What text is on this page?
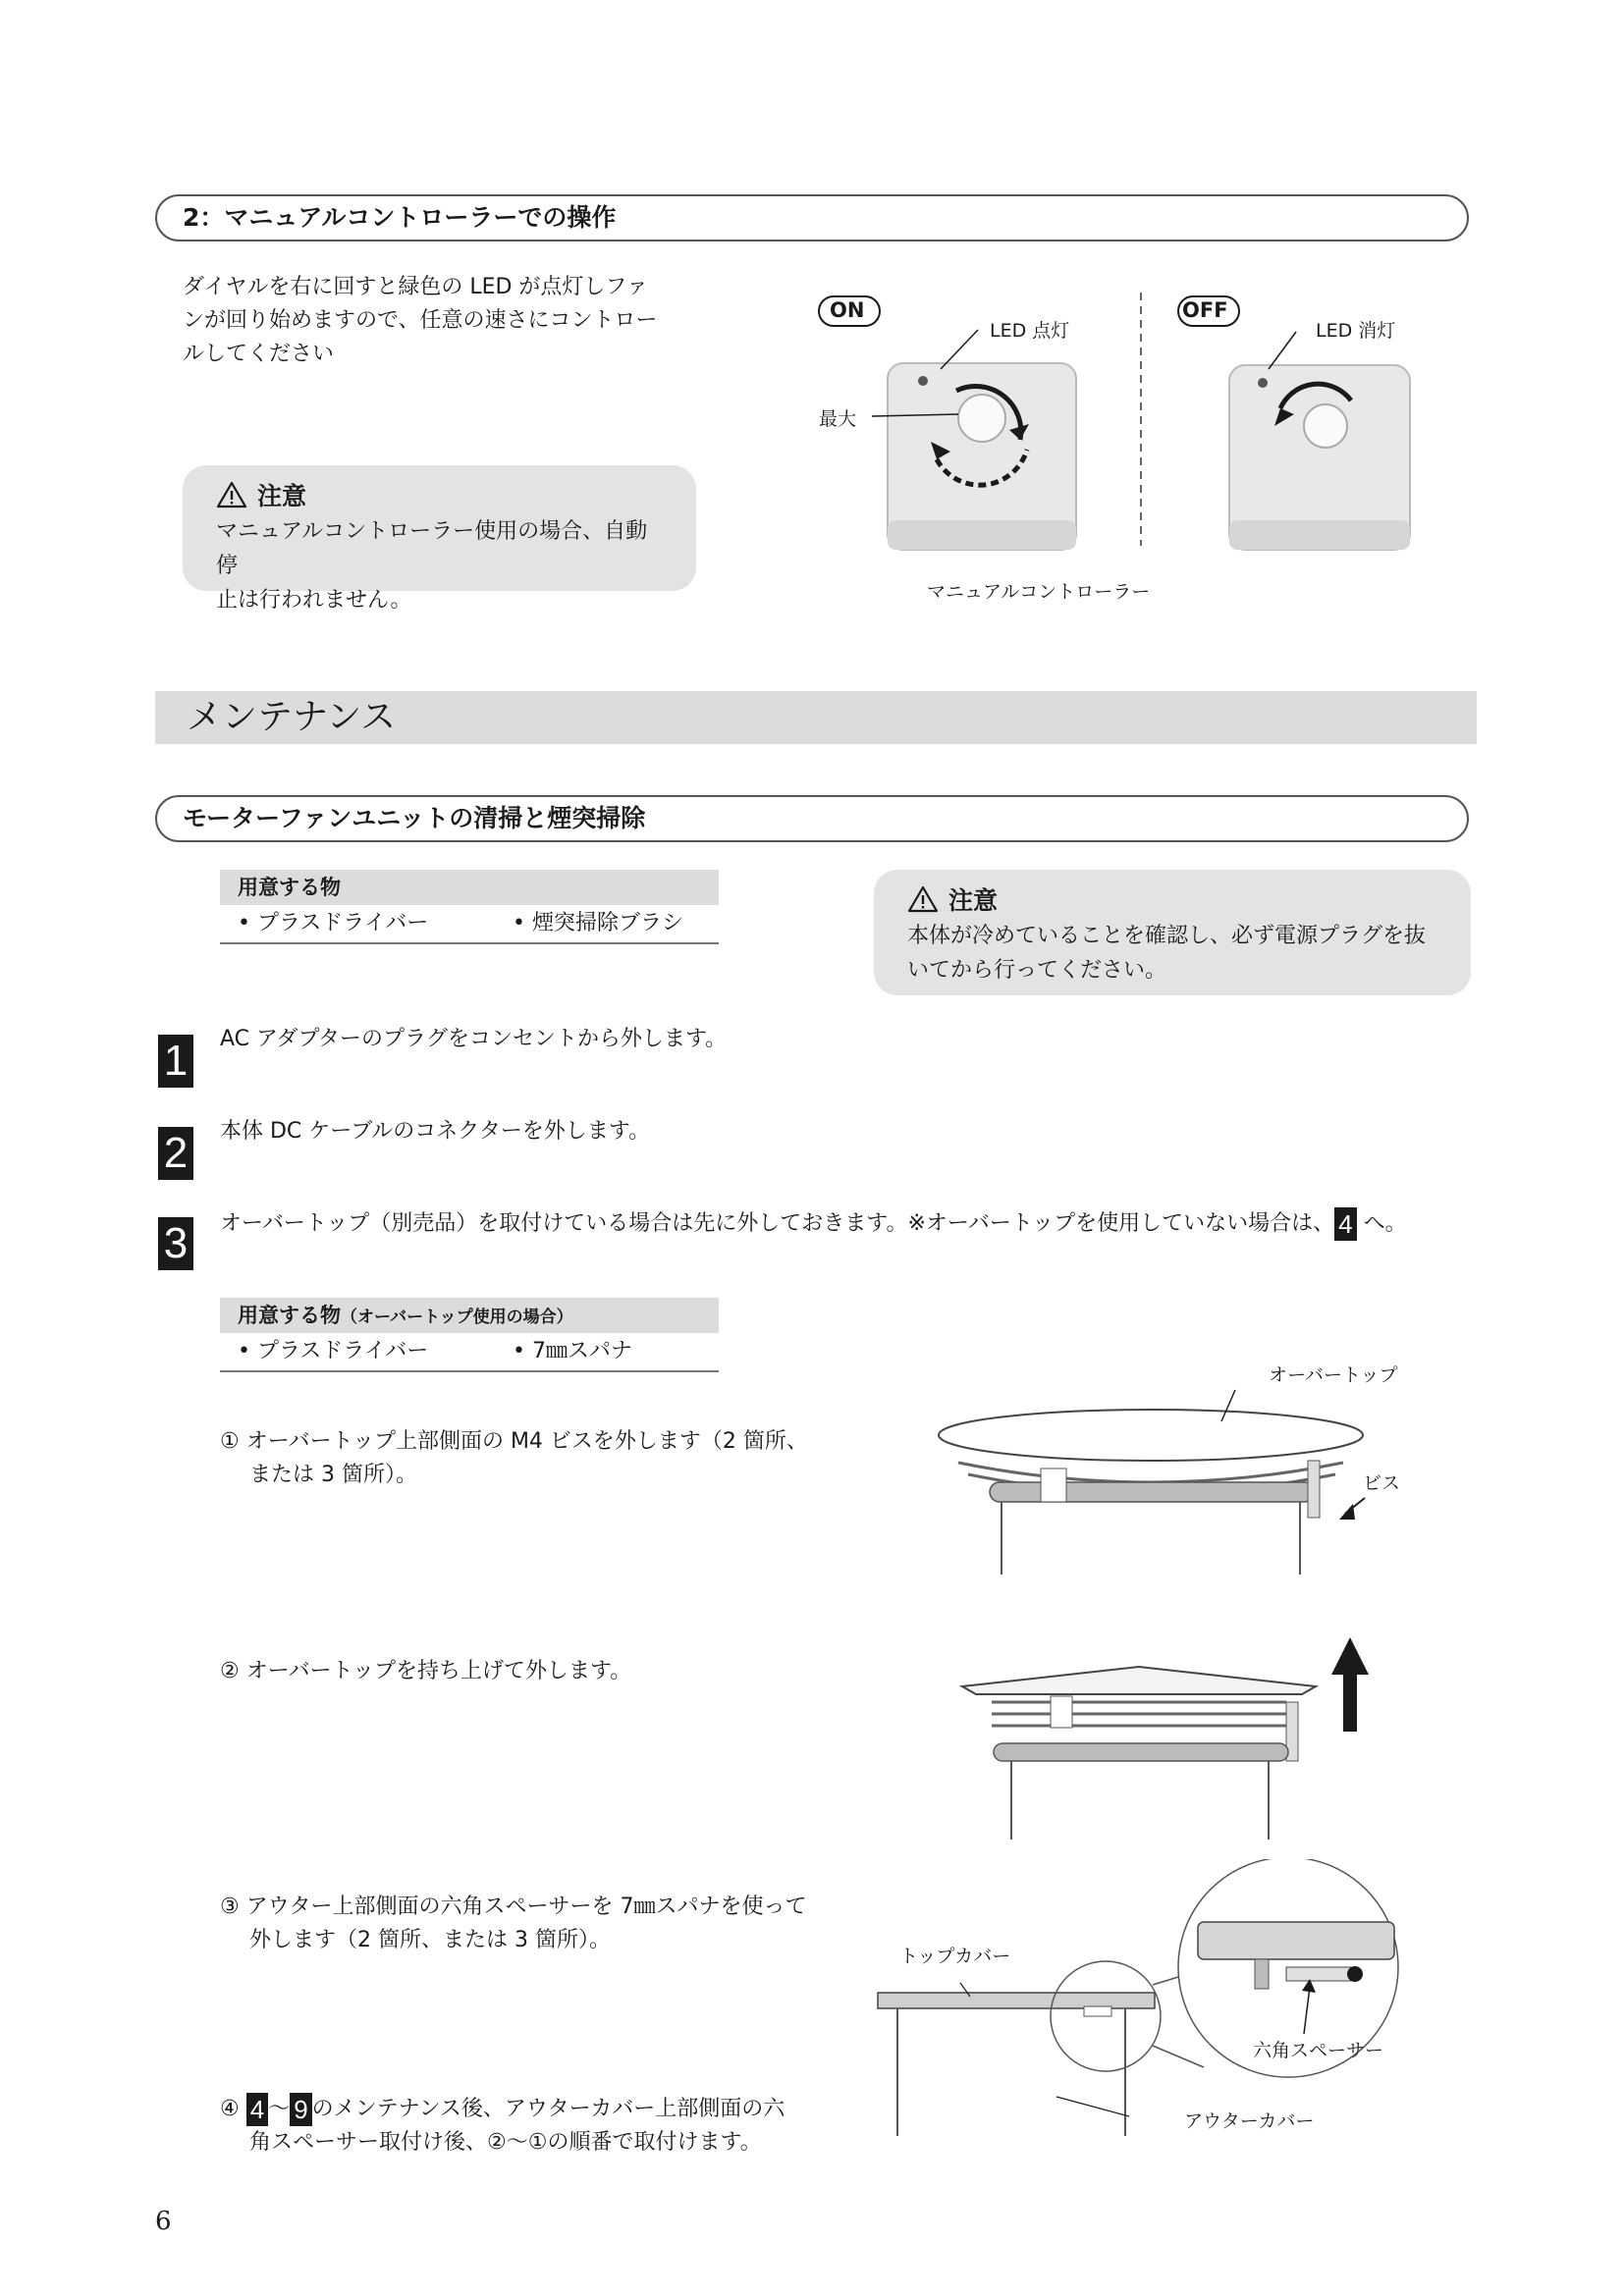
2：マニュアルコントローラーでの操作
ダイヤルを右に回すと緑色の LED が点灯しファ
ンが回り始めますので、任意の速さにコントロー
ルしてください
注意
マニュアルコントローラー使用の場合、自動停
止は行われません。
ON	OFF
LED 点灯
最大
マニュアルコントローラー
LED 消灯
メンテナンス
モーターファンユニットの清掃と煙突掃除
用意する物
• プラスドライバー	• 煙突掃除ブラシ
注意
本体が冷めていることを確認し、必ず電源プラグを抜
いてから行ってください。
1 AC アダプターのプラグをコンセントから外します。
2 本体 DC ケーブルのコネクターを外します。
3 オーバートップ（別売品）を取付けている場合は先に外しておきます。※オーバートップを使用していない場合は、 4 へ。
用意する物（オーバートップ使用の場合）
• プラスドライバー	• 7㎜スパナ
① オーバートップ上部側面の M4 ビスを外します（2 箇所、
または 3 箇所）。
② オーバートップを持ち上げて外します。
③ アウター上部側面の六角スペーサーを 7㎜スパナを使って
外します（2 箇所、または 3 箇所）。
④ 4 ～ 9 のメンテナンス後、アウターカバー上部側面の六
角スペーサー取付け後、②～①の順番で取付けます。
オーバートップ
ビス
トップカバー
六角スペーサー
アウターカバー
6
